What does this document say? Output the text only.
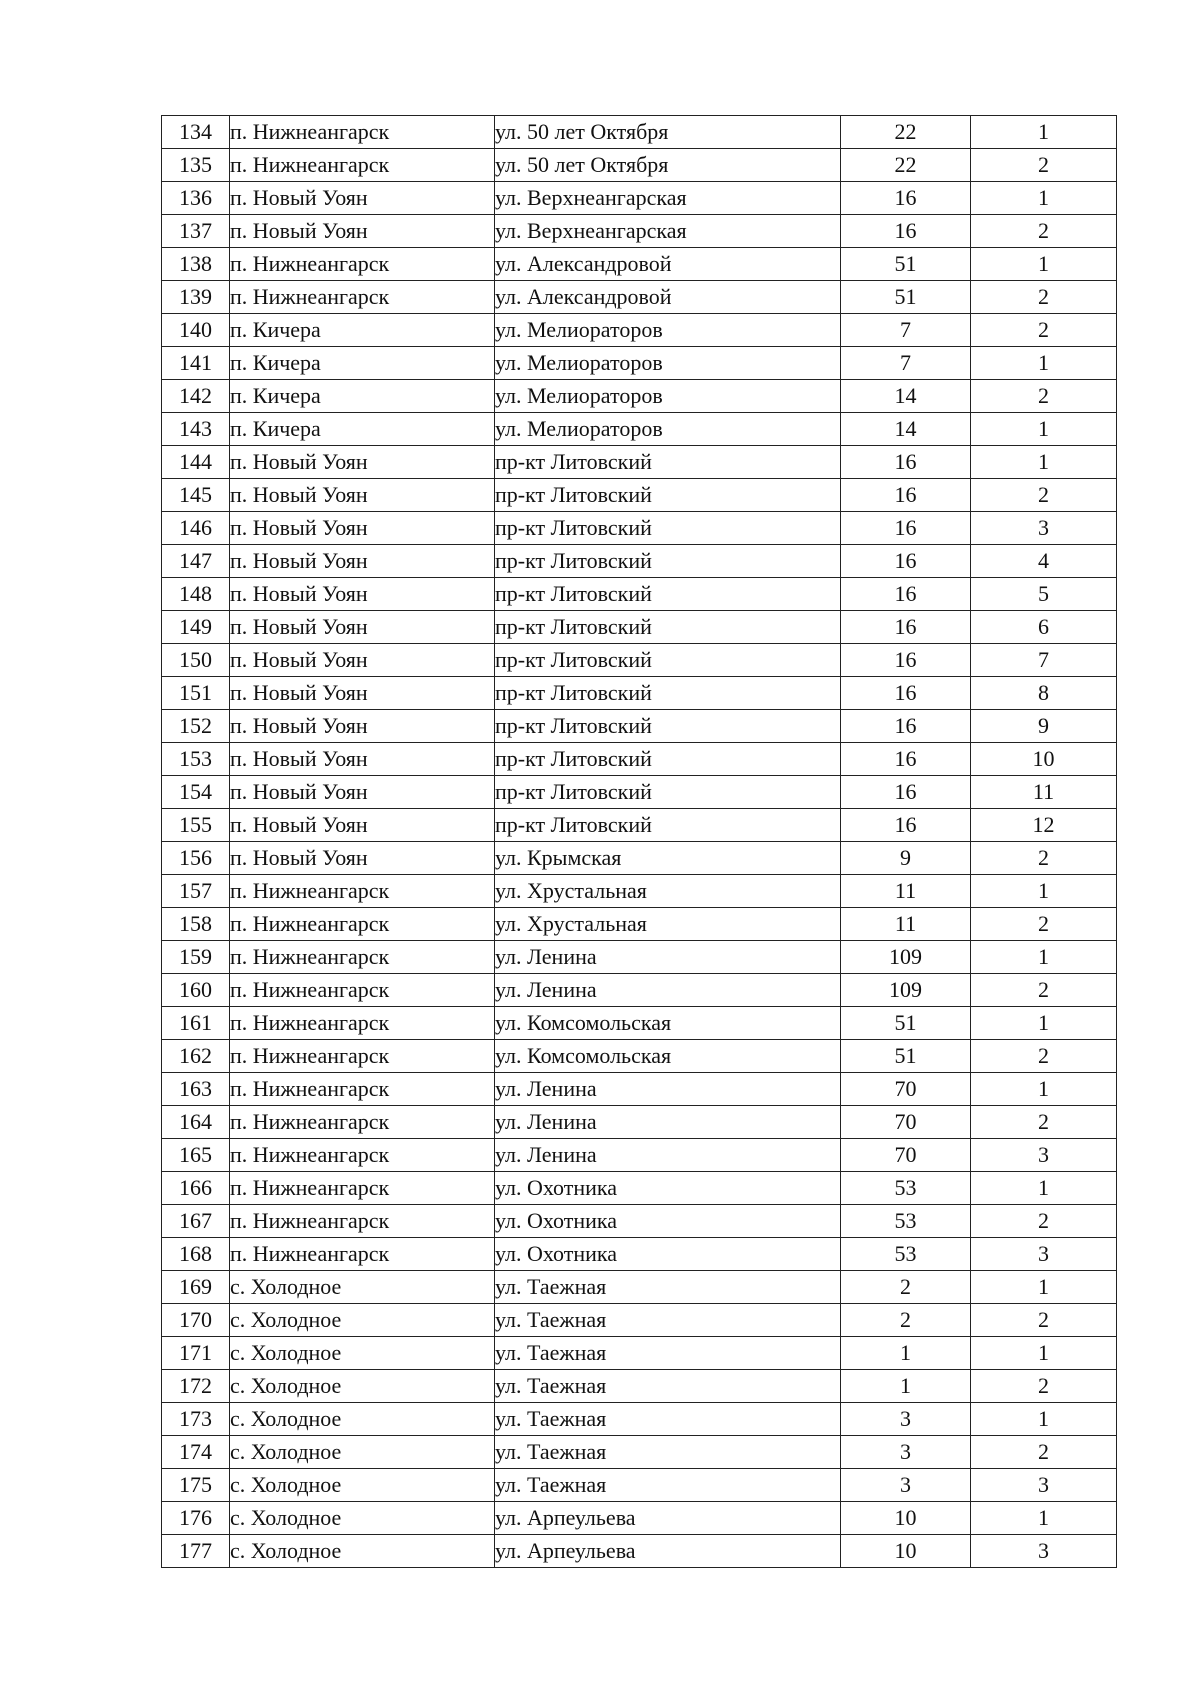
134	п. Нижнеангарск	ул. 50 лет Октября	22	1
135	п. Нижнеангарск	ул. 50 лет Октября	22	2
136	п. Новый Уоян	ул. Верхнеангарская	16	1
137	п. Новый Уоян	ул. Верхнеангарская	16	2
138	п. Нижнеангарск	ул. Александровой	51	1
139	п. Нижнеангарск	ул. Александровой	51	2
140	п. Кичера	ул. Мелиораторов	7	2
141	п. Кичера	ул. Мелиораторов	7	1
142	п. Кичера	ул. Мелиораторов	14	2
143	п. Кичера	ул. Мелиораторов	14	1
144	п. Новый Уоян	пр-кт Литовский	16	1
145	п. Новый Уоян	пр-кт Литовский	16	2
146	п. Новый Уоян	пр-кт Литовский	16	3
147	п. Новый Уоян	пр-кт Литовский	16	4
148	п. Новый Уоян	пр-кт Литовский	16	5
149	п. Новый Уоян	пр-кт Литовский	16	6
150	п. Новый Уоян	пр-кт Литовский	16	7
151	п. Новый Уоян	пр-кт Литовский	16	8
152	п. Новый Уоян	пр-кт Литовский	16	9
153	п. Новый Уоян	пр-кт Литовский	16	10
154	п. Новый Уоян	пр-кт Литовский	16	11
155	п. Новый Уоян	пр-кт Литовский	16	12
156	п. Новый Уоян	ул. Крымская	9	2
157	п. Нижнеангарск	ул. Хрустальная	11	1
158	п. Нижнеангарск	ул. Хрустальная	11	2
159	п. Нижнеангарск	ул. Ленина	109	1
160	п. Нижнеангарск	ул. Ленина	109	2
161	п. Нижнеангарск	ул. Комсомольская	51	1
162	п. Нижнеангарск	ул. Комсомольская	51	2
163	п. Нижнеангарск	ул. Ленина	70	1
164	п. Нижнеангарск	ул. Ленина	70	2
165	п. Нижнеангарск	ул. Ленина	70	3
166	п. Нижнеангарск	ул. Охотника	53	1
167	п. Нижнеангарск	ул. Охотника	53	2
168	п. Нижнеангарск	ул. Охотника	53	3
169	с. Холодное	ул. Таежная	2	1
170	с. Холодное	ул. Таежная	2	2
171	с. Холодное	ул. Таежная	1	1
172	с. Холодное	ул. Таежная	1	2
173	с. Холодное	ул. Таежная	3	1
174	с. Холодное	ул. Таежная	3	2
175	с. Холодное	ул. Таежная	3	3
176	с. Холодное	ул. Арпеульева	10	1
177	с. Холодное	ул. Арпеульева	10	3
